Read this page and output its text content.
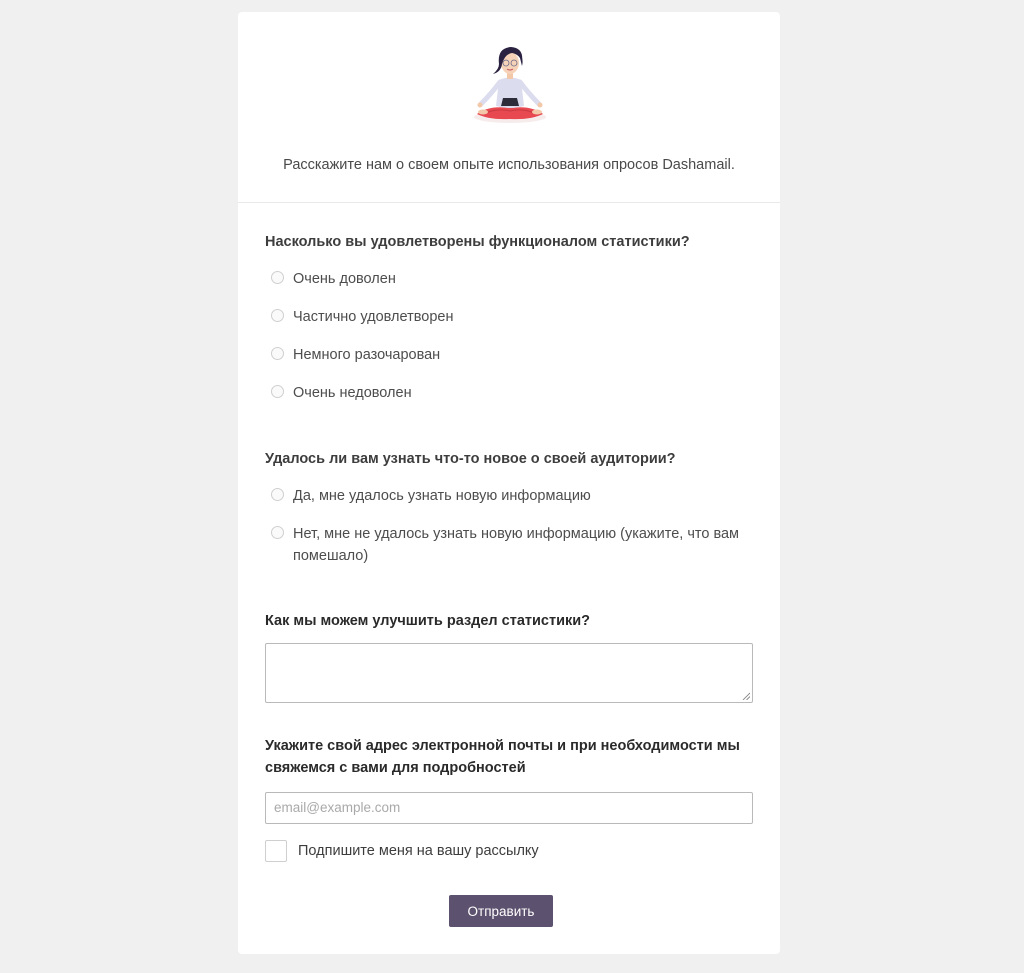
Расскажите нам о своем опыте использования опросов Dashamail.
Насколько вы удовлетворены функционалом статистики?
Очень доволен
Частично удовлетворен
Немного разочарован
Очень недоволен
Удалось ли вам узнать что-то новое о своей аудитории?
Да, мне удалось узнать новую информацию
Нет, мне не удалось узнать новую информацию (укажите, что вам помешало)
Как мы можем улучшить раздел статистики?
Укажите свой адрес электронной почты и при необходимости мы свяжемся с вами для подробностей
email@example.com
Подпишите меня на вашу рассылку
Отправить
